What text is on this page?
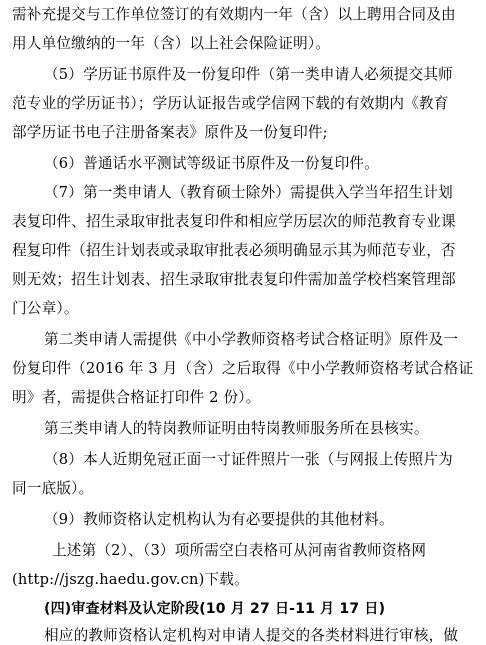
需补充提交与工作单位签订的有效期内一年（含）以上聘用合同及由
用人单位缴纳的一年（含）以上社会保险证明）。
（5）学历证书原件及一份复印件（第一类申请人必须提交其师
范专业的学历证书）；学历认证报告或学信网下载的有效期内《教育
部学历证书电子注册备案表》原件及一份复印件;
（6）普通话水平测试等级证书原件及一份复印件。
（7）第一类申请人（教育硕士除外）需提供入学当年招生计划
表复印件、招生录取审批表复印件和相应学历层次的师范教育专业课
程复印件（招生计划表或录取审批表必须明确显示其为师范专业，否
则无效；招生计划表、招生录取审批表复印件需加盖学校档案管理部
门公章）。
第二类申请人需提供《中小学教师资格考试合格证明》原件及一
份复印件（2016 年 3 月（含）之后取得《中小学教师资格考试合格证
明》者，需提供合格证打印件 2 份）。
第三类申请人的特岗教师证明由特岗教师服务所在县核实。
（8）本人近期免冠正面一寸证件照片一张（与网报上传照片为
同一底版）。
（9）教师资格认定机构认为有必要提供的其他材料。
上述第（2）、（3）项所需空白表格可从河南省教师资格网
(http://jszg.haedu.gov.cn)下载。
(四)审查材料及认定阶段(10 月 27 日-11 月 17 日)
相应的教师资格认定机构对申请人提交的各类材料进行审核，做
